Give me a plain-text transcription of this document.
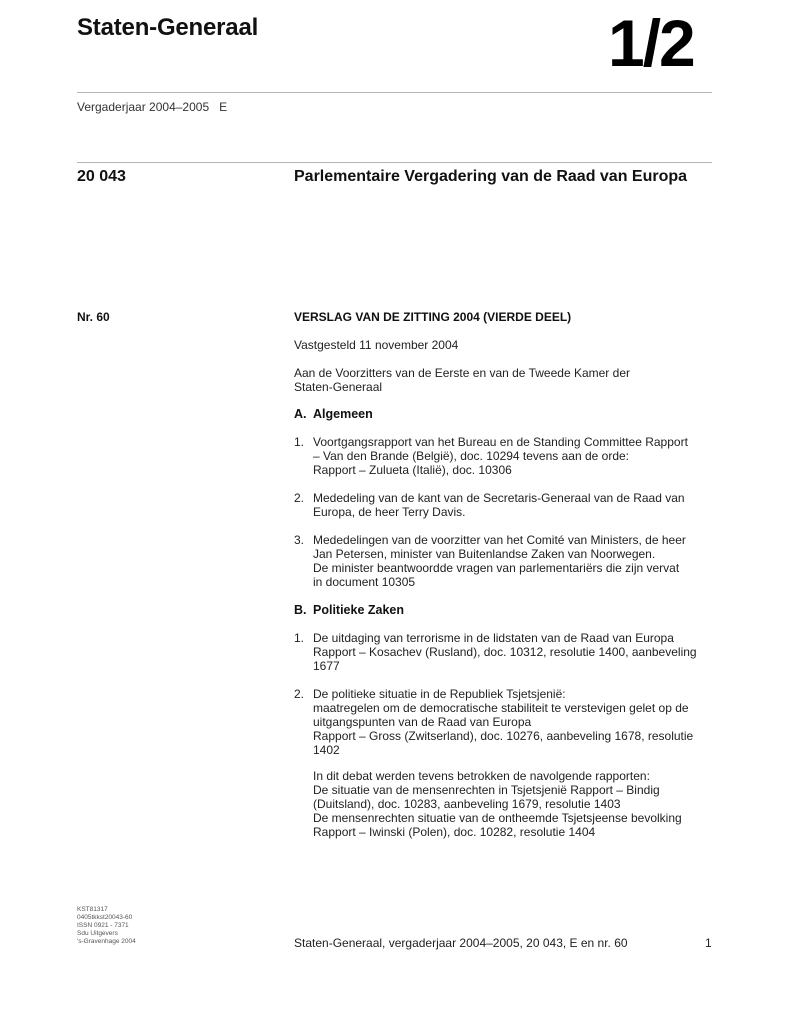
Staten-Generaal	1/2
Vergaderjaar 2004–2005 E
20 043	Parlementaire Vergadering van de Raad van Europa
Nr. 60	VERSLAG VAN DE ZITTING 2004 (VIERDE DEEL)

Vastgesteld 11 november 2004

Aan de Voorzitters van de Eerste en van de Tweede Kamer der
Staten-Generaal

A. Algemeen

1. Voortgangsrapport van het Bureau en de Standing Committee Rapport
– Van den Brande (België), doc. 10294 tevens aan de orde:
Rapport – Zulueta (Italië), doc. 10306
2. Mededeling van de kant van de Secretaris-Generaal van de Raad van
Europa, de heer Terry Davis.
3. Mededelingen van de voorzitter van het Comité van Ministers, de heer
Jan Petersen, minister van Buitenlandse Zaken van Noorwegen.
De minister beantwoordde vragen van parlementariërs die zijn vervat
in document 10305

B. Politieke Zaken

1. De uitdaging van terrorisme in de lidstaten van de Raad van Europa
Rapport – Kosachev (Rusland), doc. 10312, resolutie 1400, aanbeveling
1677
2. De politieke situatie in de Republiek Tsjetsjenië:
maatregelen om de democratische stabiliteit te verstevigen gelet op de
uitgangspunten van de Raad van Europa
Rapport – Gross (Zwitserland), doc. 10276, aanbeveling 1678, resolutie
1402
In dit debat werden tevens betrokken de navolgende rapporten:
De situatie van de mensenrechten in Tsjetsjenië Rapport – Bindig
(Duitsland), doc. 10283, aanbeveling 1679, resolutie 1403
De mensenrechten situatie van de ontheemde Tsjetsjeense bevolking
Rapport – Iwinski (Polen), doc. 10282, resolutie 1404
KST81317
0405tkkst20043-60
ISSN 0921 - 7371
Sdu Uitgevers
's-Gravenhage 2004	Staten-Generaal, vergaderjaar 2004–2005, 20 043, E en nr. 60	1
